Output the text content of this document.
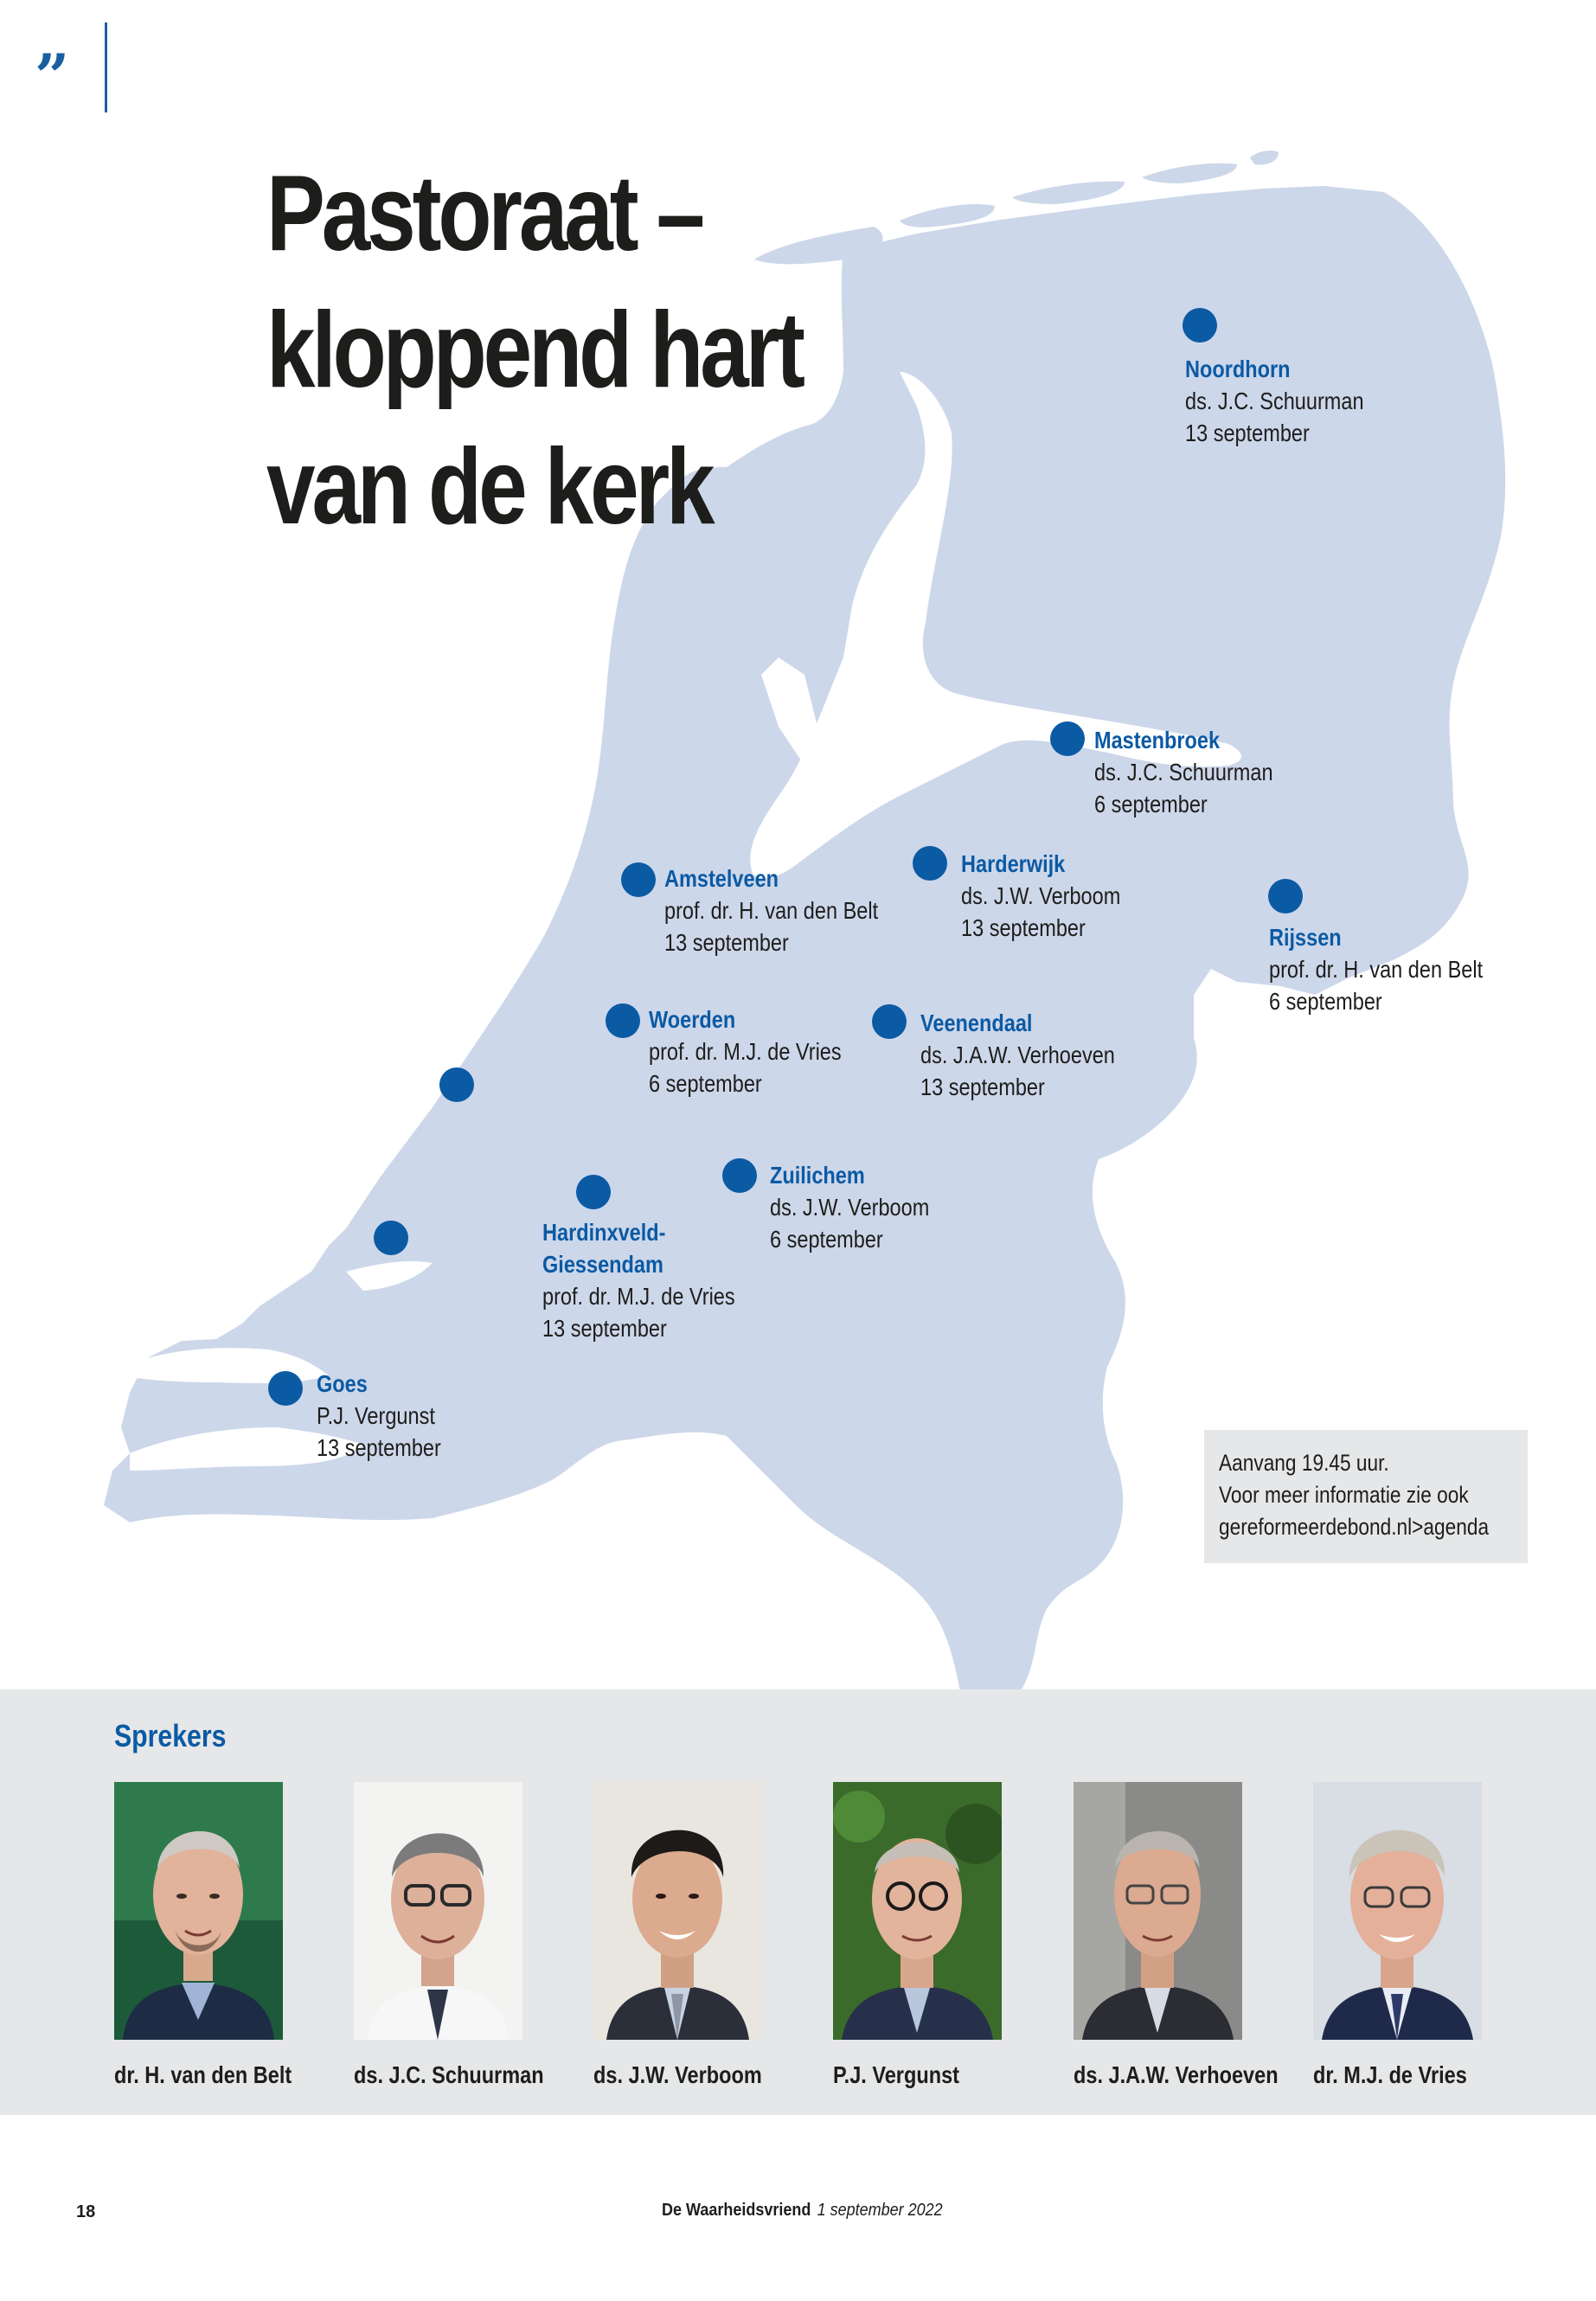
”
Pastoraat –
kloppend hart
van de kerk
Noordhorn
ds. J.C. Schuurman
13 september
Mastenbroek
ds. J.C. Schuurman
6 september
Harderwijk
ds. J.W. Verboom
13 september
Amstelveen
prof. dr. H. van den Belt
13 september	Rijssen
prof. dr. H. van den Belt
6 september
Woerden
prof. dr. M.J. de Vries
6 september
Veenendaal
ds. J.A.W. Verhoeven
13 september
Zuilichem
ds. J.W. Verboom
6 september
Hardinxveld-
Giessendam
prof. dr. M.J. de Vries
13 september
Goes
P.J. Vergunst
13 september
Aanvang 19.45 uur.
Voor meer informatie zie ook
gereformeerdebond.nl>agenda
Sprekers
dr. H. van den Belt	ds. J.C. Schuurman ds. J.W. Verboom	P.J. Vergunst	ds. J.A.W. Verhoeven dr. M.J. de Vries
18	De Waarheidsvriend 1 september 2022
